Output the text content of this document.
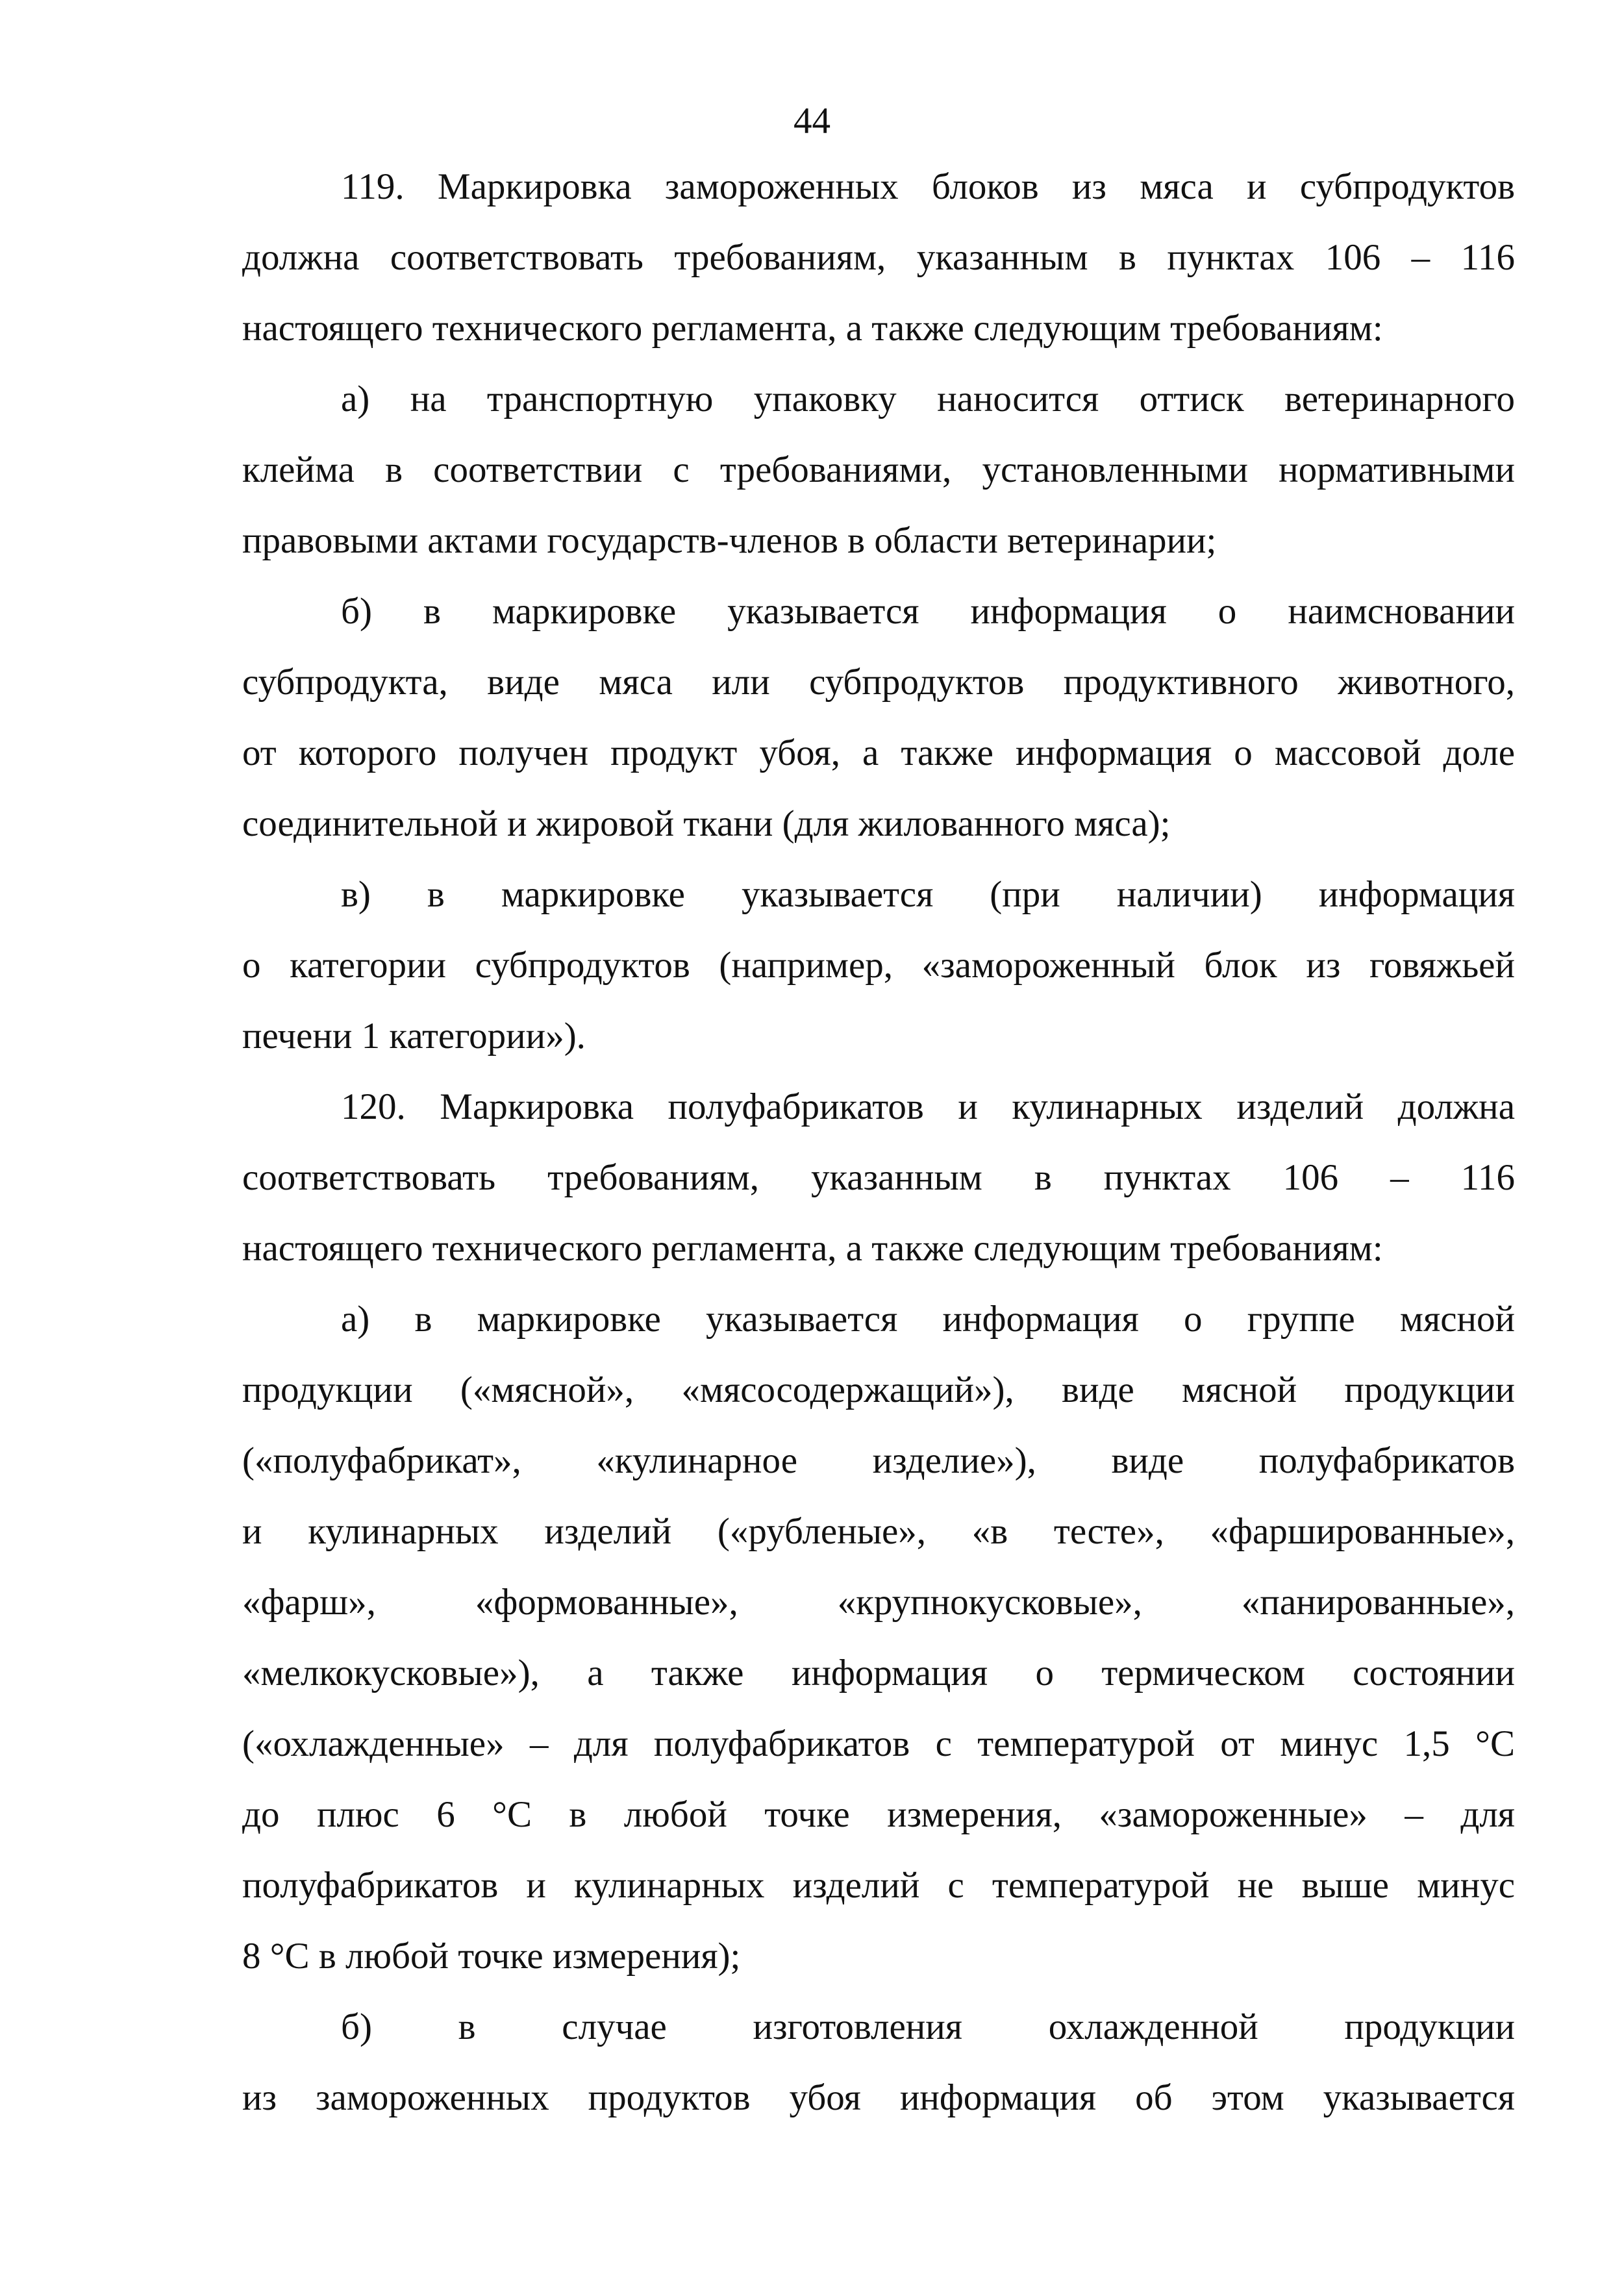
44
119. Маркировка замороженных блоков из мяса и субпродуктов
должна соответствовать требованиям, указанным в пунктах 106 – 116
настоящего технического регламента, а также следующим требованиям:
а) на транспортную упаковку наносится оттиск ветеринарного
клейма в соответствии с требованиями, установленными нормативными
правовыми актами государств-членов в области ветеринарии;
б) в маркировке указывается информация о наимсновании
субпродукта, виде мяса или субпродуктов продуктивного животного,
от которого получен продукт убоя, а также информация о массовой доле
соединительной и жировой ткани (для жилованного мяса);
в) в маркировке указывается (при наличии) информация
о категории субпродуктов (например, «замороженный блок из говяжьей
печени 1 категории»).
120. Маркировка полуфабрикатов и кулинарных изделий должна
соответствовать требованиям, указанным в пунктах 106 – 116
настоящего технического регламента, а также следующим требованиям:
а) в маркировке указывается информация о группе мясной
продукции («мясной», «мясосодержащий»), виде мясной продукции
(«полуфабрикат», «кулинарное изделие»), виде полуфабрикатов
и кулинарных изделий («рубленые», «в тесте», «фаршированные»,
«фарш», «формованные», «крупнокусковые», «панированные»,
«мелкокусковые»), а также информация о термическом состоянии
(«охлажденные» – для полуфабрикатов с температурой от минус 1,5 °С
до плюс 6 °С в любой точке измерения, «замороженные» – для
полуфабрикатов и кулинарных изделий с температурой не выше минус
8 °С в любой точке измерения);
б) в случае изготовления охлажденной продукции
из замороженных продуктов убоя информация об этом указывается
